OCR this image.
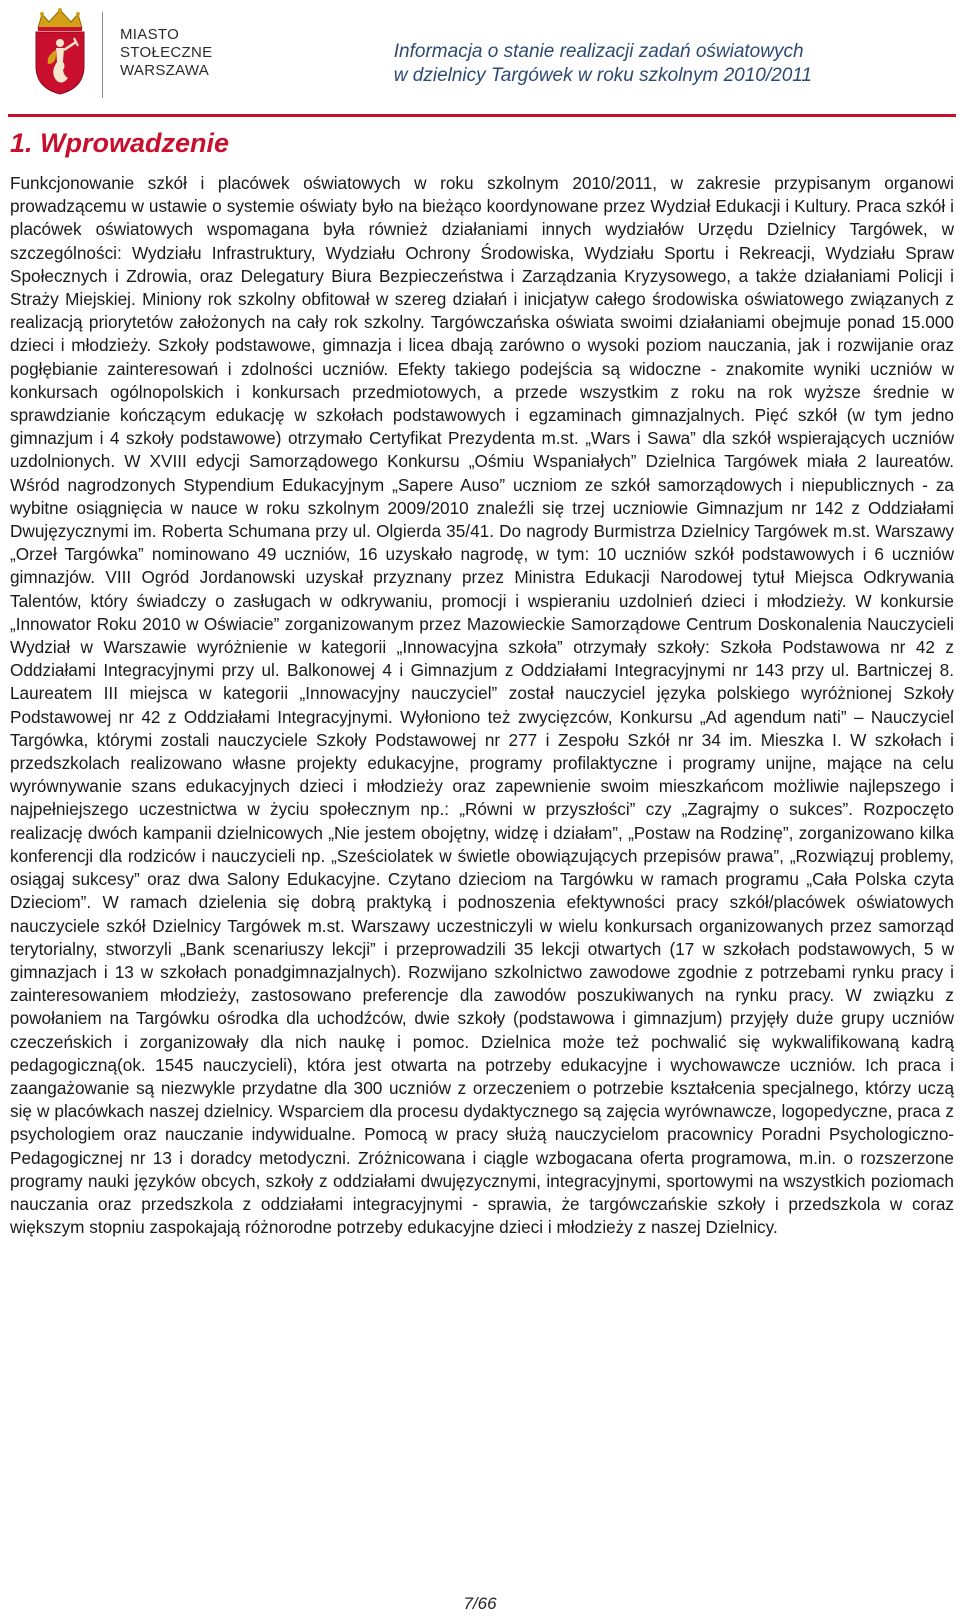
MIASTO
STOŁECZNE
WARSZAWA
Informacja o stanie realizacji zadań oświatowych
w dzielnicy Targówek w roku szkolnym 2010/2011
1. Wprowadzenie
Funkcjonowanie szkół i placówek oświatowych w roku szkolnym 2010/2011, w zakresie przypisanym organowi prowadzącemu w ustawie o systemie oświaty było na bieżąco koordynowane przez Wydział Edukacji i Kultury. Praca szkół i placówek oświatowych wspomagana była również działaniami innych wydziałów Urzędu Dzielnicy Targówek, w szczególności: Wydziału Infrastruktury, Wydziału Ochrony Środowiska, Wydziału Sportu i Rekreacji, Wydziału Spraw Społecznych i Zdrowia, oraz Delegatury Biura Bezpieczeństwa i Zarządzania Kryzysowego, a także działaniami Policji i Straży Miejskiej. Miniony rok szkolny obfitował w szereg działań i inicjatyw całego środowiska oświatowego związanych z realizacją priorytetów założonych na cały rok szkolny. Targówczańska oświata swoimi działaniami obejmuje ponad 15.000 dzieci i młodzieży. Szkoły podstawowe, gimnazja i licea dbają zarówno o wysoki poziom nauczania, jak i rozwijanie oraz pogłębianie zainteresowań i zdolności uczniów. Efekty takiego podejścia są widoczne - znakomite wyniki uczniów w konkursach ogólnopolskich i konkursach przedmiotowych, a przede wszystkim z roku na rok wyższe średnie w sprawdzianie kończącym edukację w szkołach podstawowych i egzaminach gimnazjalnych. Pięć szkół (w tym jedno gimnazjum i 4 szkoły podstawowe) otrzymało Certyfikat Prezydenta m.st. „Wars i Sawa” dla szkół wspierających uczniów uzdolnionych. W XVIII edycji Samorządowego Konkursu „Ośmiu Wspaniałych” Dzielnica Targówek miała 2 laureatów. Wśród nagrodzonych Stypendium Edukacyjnym „Sapere Auso” uczniom ze szkół samorządowych i niepublicznych - za wybitne osiągnięcia w nauce w roku szkolnym 2009/2010 znaleźli się trzej uczniowie Gimnazjum nr 142 z Oddziałami Dwujęzycznymi im. Roberta Schumana przy ul. Olgierda 35/41. Do nagrody Burmistrza Dzielnicy Targówek m.st. Warszawy „Orzeł Targówka” nominowano 49 uczniów, 16 uzyskało nagrodę, w tym: 10 uczniów szkół podstawowych i 6 uczniów gimnazjów. VIII Ogród Jordanowski uzyskał przyznany przez Ministra Edukacji Narodowej tytuł Miejsca Odkrywania Talentów, który świadczy o zasługach w odkrywaniu, promocji i wspieraniu uzdolnień dzieci i młodzieży. W konkursie „Innowator Roku 2010 w Oświacie” zorganizowanym przez Mazowieckie Samorządowe Centrum Doskonalenia Nauczycieli Wydział w Warszawie wyróżnienie w kategorii „Innowacyjna szkoła” otrzymały szkoły: Szkoła Podstawowa nr 42 z Oddziałami Integracyjnymi przy ul. Balkonowej 4 i Gimnazjum z Oddziałami Integracyjnymi nr 143 przy ul. Bartniczej 8. Laureatem III miejsca w kategorii „Innowacyjny nauczyciel” został nauczyciel języka polskiego wyróżnionej Szkoły Podstawowej nr 42 z Oddziałami Integracyjnymi. Wyłoniono też zwycięzców, Konkursu „Ad agendum nati” – Nauczyciel Targówka, którymi zostali nauczyciele Szkoły Podstawowej nr 277 i Zespołu Szkół nr 34 im. Mieszka I. W szkołach i przedszkolach realizowano własne projekty edukacyjne, programy profilaktyczne i programy unijne, mające na celu wyrównywanie szans edukacyjnych dzieci i młodzieży oraz zapewnienie swoim mieszkańcom możliwie najlepszego i najpełniejszego uczestnictwa w życiu społecznym np.: „Równi w przyszłości” czy „Zagrajmy o sukces”. Rozpoczęto realizację dwóch kampanii dzielnicowych „Nie jestem obojętny, widzę i działam”, „Postaw na Rodzinę”, zorganizowano kilka konferencji dla rodziców i nauczycieli np. „Sześciolatek w świetle obowiązujących przepisów prawa”, „Rozwiązuj problemy, osiągaj sukcesy” oraz dwa Salony Edukacyjne. Czytano dzieciom na Targówku w ramach programu „Cała Polska czyta Dzieciom”. W ramach dzielenia się dobrą praktyką i podnoszenia efektywności pracy szkół/placówek oświatowych nauczyciele szkół Dzielnicy Targówek m.st. Warszawy uczestniczyli w wielu konkursach organizowanych przez samorząd terytorialny, stworzyli „Bank scenariuszy lekcji” i przeprowadzili 35 lekcji otwartych (17 w szkołach podstawowych, 5 w gimnazjach i 13 w szkołach ponadgimnazjalnych). Rozwijano szkolnictwo zawodowe zgodnie z potrzebami rynku pracy i zainteresowaniem młodzieży, zastosowano preferencje dla zawodów poszukiwanych na rynku pracy. W związku z powołaniem na Targówku ośrodka dla uchodźców, dwie szkoły (podstawowa i gimnazjum) przyjęły duże grupy uczniów czeczeńskich i zorganizowały dla nich naukę i pomoc. Dzielnica może też pochwalić się wykwalifikowaną kadrą pedagogiczną(ok. 1545 nauczycieli), która jest otwarta na potrzeby edukacyjne i wychowawcze uczniów. Ich praca i zaangażowanie są niezwykle przydatne dla 300 uczniów z orzeczeniem o potrzebie kształcenia specjalnego, którzy uczą się w placówkach naszej dzielnicy. Wsparciem dla procesu dydaktycznego są zajęcia wyrównawcze, logopedyczne, praca z psychologiem oraz nauczanie indywidualne. Pomocą w pracy służą nauczycielom pracownicy Poradni Psychologiczno-Pedagogicznej nr 13 i doradcy metodyczni. Zróżnicowana i ciągle wzbogacana oferta programowa, m.in. o rozszerzone programy nauki języków obcych, szkoły z oddziałami dwujęzycznymi, integracyjnymi, sportowymi na wszystkich poziomach nauczania oraz przedszkola z oddziałami integracyjnymi - sprawia, że targówczańskie szkoły i przedszkola w coraz większym stopniu zaspokajają różnorodne potrzeby edukacyjne dzieci i młodzieży z naszej Dzielnicy.
7/66
